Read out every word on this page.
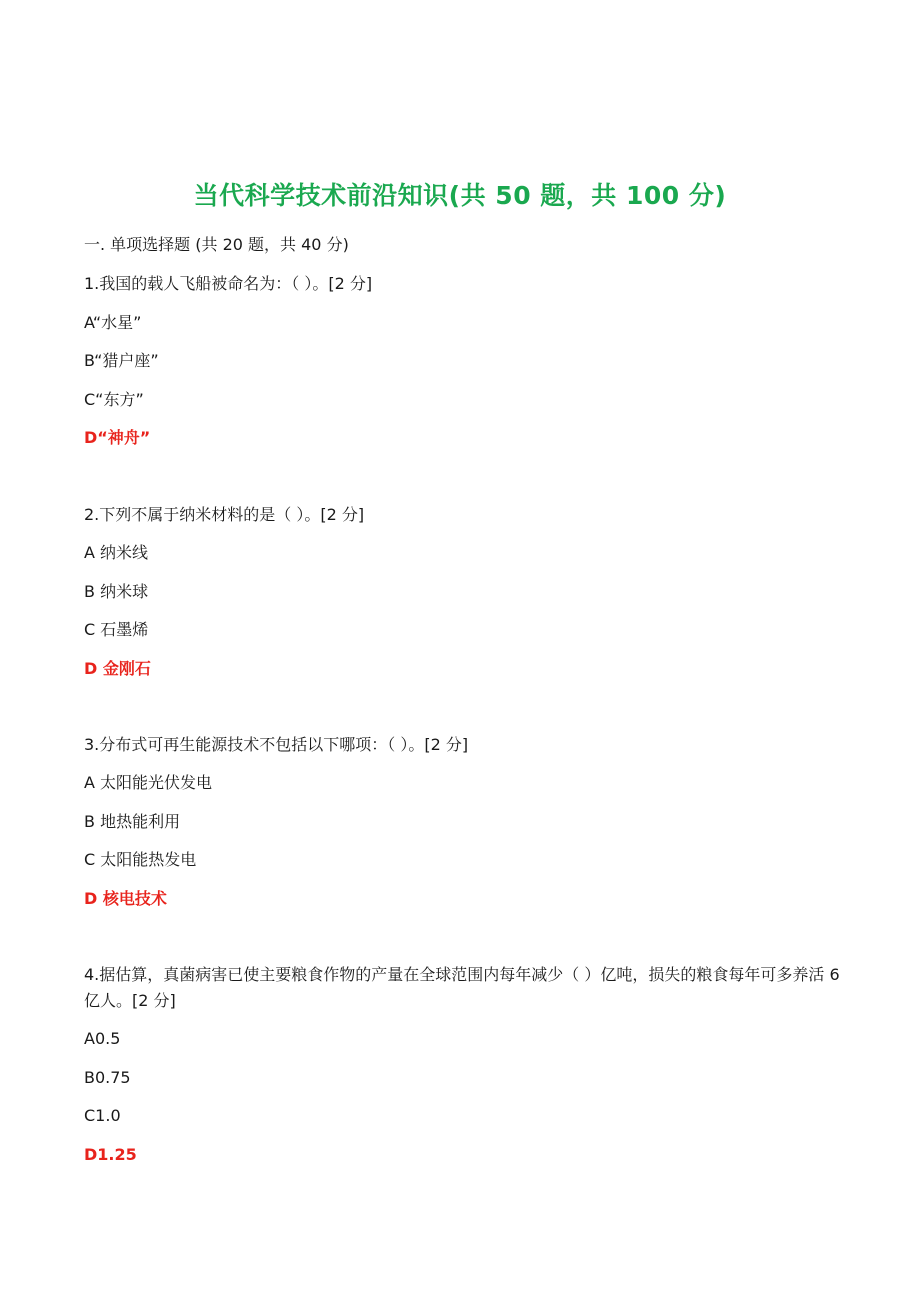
当代科学技术前沿知识(共 50 题，共 100 分)
一. 单项选择题 (共 20 题，共 40 分)
1.我国的载人飞船被命名为：（ ）。[2 分]
A“水星”
B“猎户座”
C“东方”
D“神舟”
2.下列不属于纳米材料的是（ ）。[2 分]
A 纳米线
B 纳米球
C 石墨烯
D 金刚石
3.分布式可再生能源技术不包括以下哪项：（ ）。[2 分]
A 太阳能光伏发电
B 地热能利用
C 太阳能热发电
D 核电技术
4.据估算，真菌病害已使主要粮食作物的产量在全球范围内每年减少（ ）亿吨，损失的粮食每年可多养活 6 亿人。[2 分]
A0.5
B0.75
C1.0
D1.25
